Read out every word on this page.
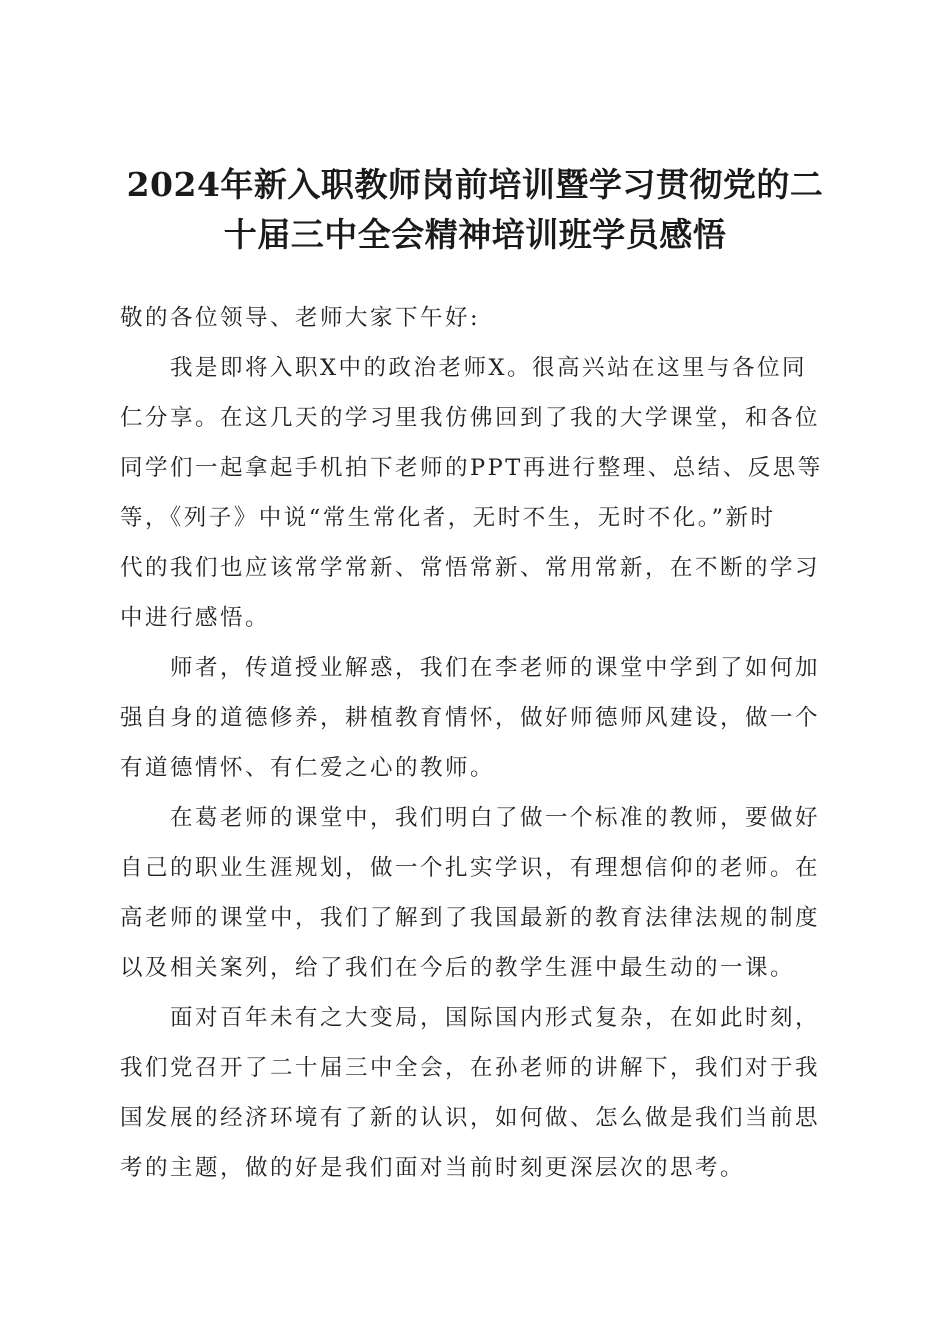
2024年新入职教师岗前培训暨学习贯彻党的二
十届三中全会精神培训班学员感悟

敬的各位领导、老师大家下午好:

我是即将入职X中的政治老师X。很高兴站在这里与各位同
仁分享。在这几天的学习里我仿佛回到了我的大学课堂，和各位
同学们一起拿起手机拍下老师的PPT再进行整理、总结、反思等
等，《列子》中说“常生常化者，无时不生，无时不化。”新时
代的我们也应该常学常新、常悟常新、常用常新，在不断的学习
中进行感悟。

师者，传道授业解惑，我们在李老师的课堂中学到了如何加
强自身的道德修养，耕植教育情怀，做好师德师风建设，做一个
有道德情怀、有仁爱之心的教师。

在葛老师的课堂中，我们明白了做一个标准的教师，要做好
自己的职业生涯规划，做一个扎实学识，有理想信仰的老师。在
高老师的课堂中，我们了解到了我国最新的教育法律法规的制度
以及相关案列，给了我们在今后的教学生涯中最生动的一课。

面对百年未有之大变局，国际国内形式复杂，在如此时刻，
我们党召开了二十届三中全会，在孙老师的讲解下，我们对于我
国发展的经济环境有了新的认识，如何做、怎么做是我们当前思
考的主题，做的好是我们面对当前时刻更深层次的思考。
